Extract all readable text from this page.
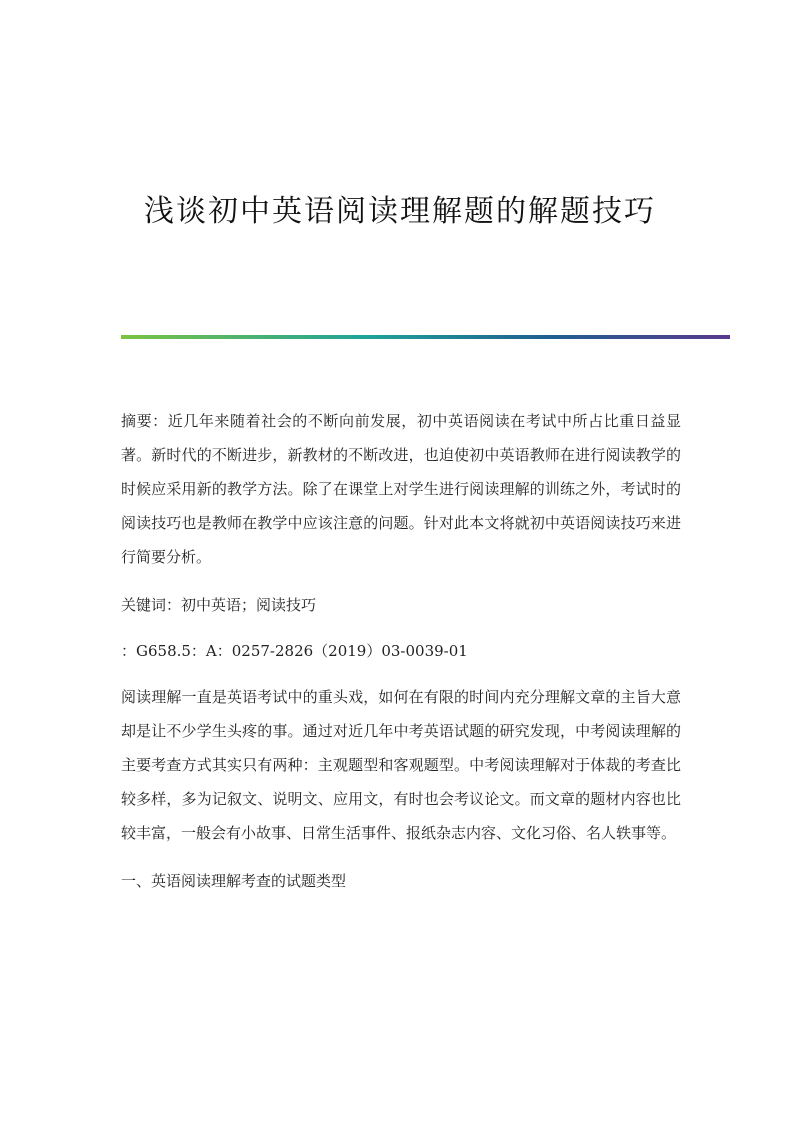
浅谈初中英语阅读理解题的解题技巧

摘要：近几年来随着社会的不断向前发展，初中英语阅读在考试中所占比重日益显著。新时代的不断进步，新教材的不断改进，也迫使初中英语教师在进行阅读教学的时候应采用新的教学方法。除了在课堂上对学生进行阅读理解的训练之外，考试时的阅读技巧也是教师在教学中应该注意的问题。针对此本文将就初中英语阅读技巧来进行简要分析。

关键词：初中英语；阅读技巧

：G658.5：A：0257-2826（2019）03-0039-01

阅读理解一直是英语考试中的重头戏，如何在有限的时间内充分理解文章的主旨大意却是让不少学生头疼的事。通过对近几年中考英语试题的研究发现，中考阅读理解的主要考查方式其实只有两种：主观题型和客观题型。中考阅读理解对于体裁的考查比较多样，多为记叙文、说明文、应用文，有时也会考议论文。而文章的题材内容也比较丰富，一般会有小故事、日常生活事件、报纸杂志内容、文化习俗、名人轶事等。

一、英语阅读理解考查的试题类型
